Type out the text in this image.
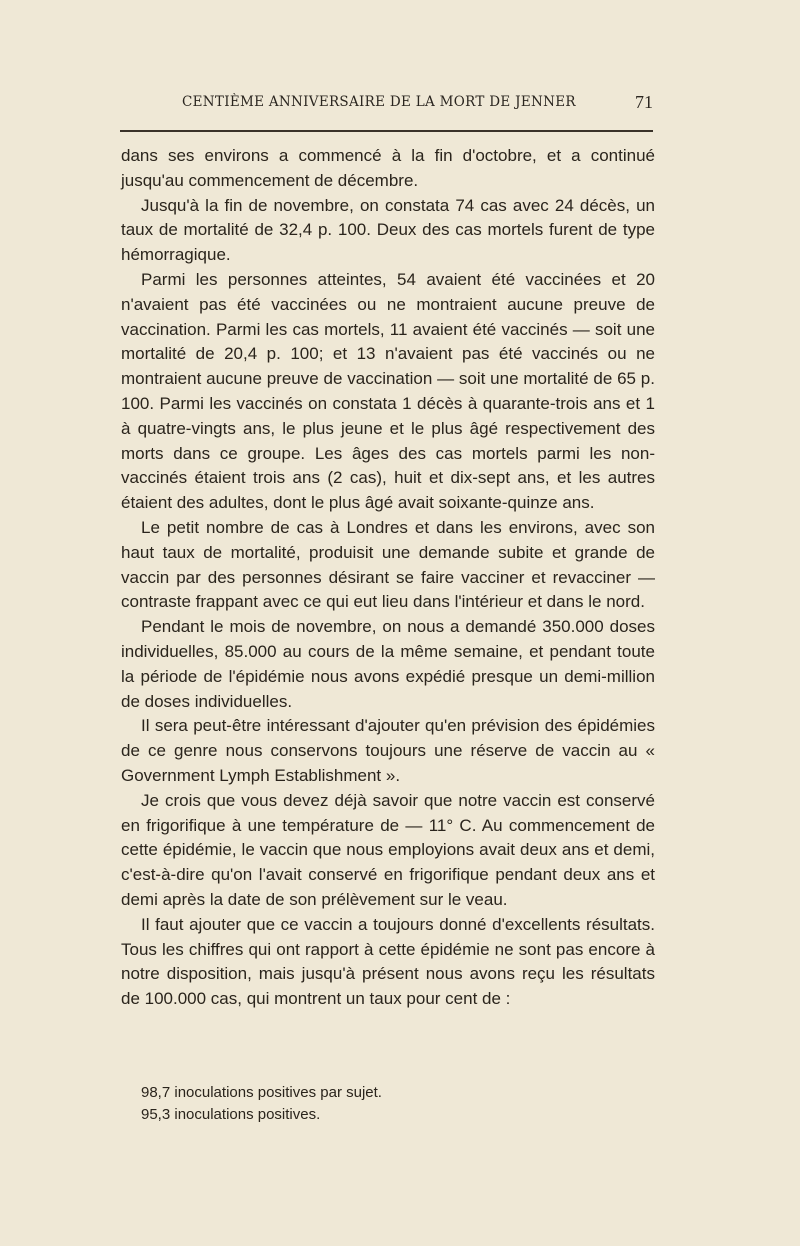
CENTIÈME ANNIVERSAIRE DE LA MORT DE JENNER	71

dans ses environs a commencé à la fin d'octobre, et a continué jusqu'au commencement de décembre.

Jusqu'à la fin de novembre, on constata 74 cas avec 24 décès, un taux de mortalité de 32,4 p. 100. Deux des cas mortels furent de type hémorragique.

Parmi les personnes atteintes, 54 avaient été vaccinées et 20 n'avaient pas été vaccinées ou ne montraient aucune preuve de vaccination. Parmi les cas mortels, 11 avaient été vaccinés — soit une mortalité de 20,4 p. 100; et 13 n'avaient pas été vaccinés ou ne montraient aucune preuve de vaccination — soit une mortalité de 65 p. 100. Parmi les vaccinés on constata 1 décès à quarante-trois ans et 1 à quatre-vingts ans, le plus jeune et le plus âgé respectivement des morts dans ce groupe. Les âges des cas mortels parmi les non-vaccinés étaient trois ans (2 cas), huit et dix-sept ans, et les autres étaient des adultes, dont le plus âgé avait soixante-quinze ans.

Le petit nombre de cas à Londres et dans les environs, avec son haut taux de mortalité, produisit une demande subite et grande de vaccin par des personnes désirant se faire vacciner et revacciner — contraste frappant avec ce qui eut lieu dans l'intérieur et dans le nord.

Pendant le mois de novembre, on nous a demandé 350.000 doses individuelles, 85.000 au cours de la même semaine, et pendant toute la période de l'épidémie nous avons expédié presque un demi-million de doses individuelles.

Il sera peut-être intéressant d'ajouter qu'en prévision des épidémies de ce genre nous conservons toujours une réserve de vaccin au « Government Lymph Establishment ».

Je crois que vous devez déjà savoir que notre vaccin est conservé en frigorifique à une température de — 11° C. Au commencement de cette épidémie, le vaccin que nous employions avait deux ans et demi, c'est-à-dire qu'on l'avait conservé en frigorifique pendant deux ans et demi après la date de son prélèvement sur le veau.

Il faut ajouter que ce vaccin a toujours donné d'excellents résultats. Tous les chiffres qui ont rapport à cette épidémie ne sont pas encore à notre disposition, mais jusqu'à présent nous avons reçu les résultats de 100.000 cas, qui montrent un taux pour cent de :

98,7 inoculations positives par sujet.
95,3 inoculations positives.
